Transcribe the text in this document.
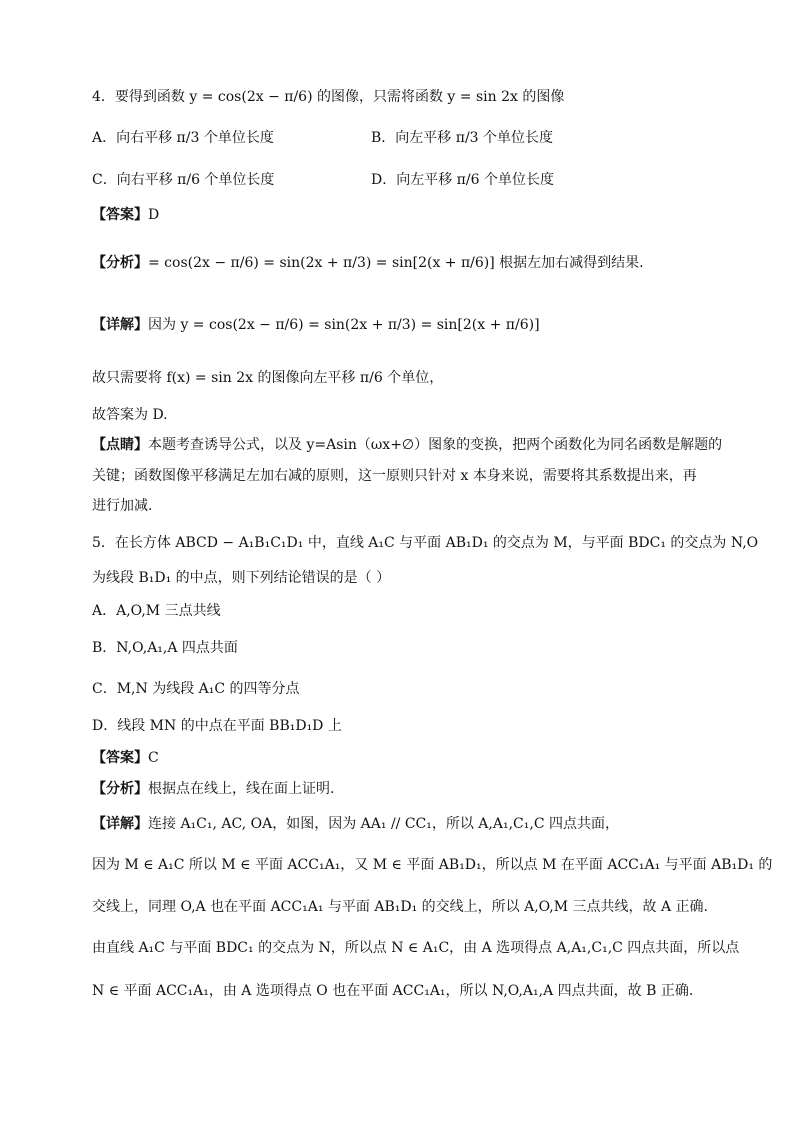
4．要得到函数 y = cos(2x − π/6) 的图像，只需将函数 y = sin 2x 的图像
A．向右平移 π/3 个单位长度	B．向左平移 π/3 个单位长度
C．向右平移 π/6 个单位长度	D．向左平移 π/6 个单位长度
【答案】D
【分析】= cos(2x − π/6) = sin(2x + π/3) = sin[2(x + π/6)] 根据左加右减得到结果.
【详解】因为 y = cos(2x − π/6) = sin(2x + π/3) = sin[2(x + π/6)]
故只需要将 f(x) = sin 2x 的图像向左平移 π/6 个单位，
故答案为 D.
【点睛】本题考查诱导公式，以及 y=Asin（ωx+∅）图象的变换，把两个函数化为同名函数是解题的
关键；函数图像平移满足左加右减的原则，这一原则只针对 x 本身来说，需要将其系数提出来，再
进行加减.
5．在长方体 ABCD − A₁B₁C₁D₁ 中，直线 A₁C 与平面 AB₁D₁ 的交点为 M，与平面 BDC₁ 的交点为 N,O
为线段 B₁D₁ 的中点，则下列结论错误的是（ ）
A．A,O,M 三点共线
B．N,O,A₁,A 四点共面
C．M,N 为线段 A₁C 的四等分点
D．线段 MN 的中点在平面 BB₁D₁D 上
【答案】C
【分析】根据点在线上，线在面上证明.
【详解】连接 A₁C₁, AC, OA，如图，因为 AA₁ // CC₁，所以 A,A₁,C₁,C 四点共面，
因为 M ∈ A₁C 所以 M ∈ 平面 ACC₁A₁，又 M ∈ 平面 AB₁D₁，所以点 M 在平面 ACC₁A₁ 与平面 AB₁D₁ 的
交线上，同理 O,A 也在平面 ACC₁A₁ 与平面 AB₁D₁ 的交线上，所以 A,O,M 三点共线，故 A 正确.
由直线 A₁C 与平面 BDC₁ 的交点为 N，所以点 N ∈ A₁C，由 A 选项得点 A,A₁,C₁,C 四点共面，所以点
N ∈ 平面 ACC₁A₁，由 A 选项得点 O 也在平面 ACC₁A₁，所以 N,O,A₁,A 四点共面，故 B 正确.
